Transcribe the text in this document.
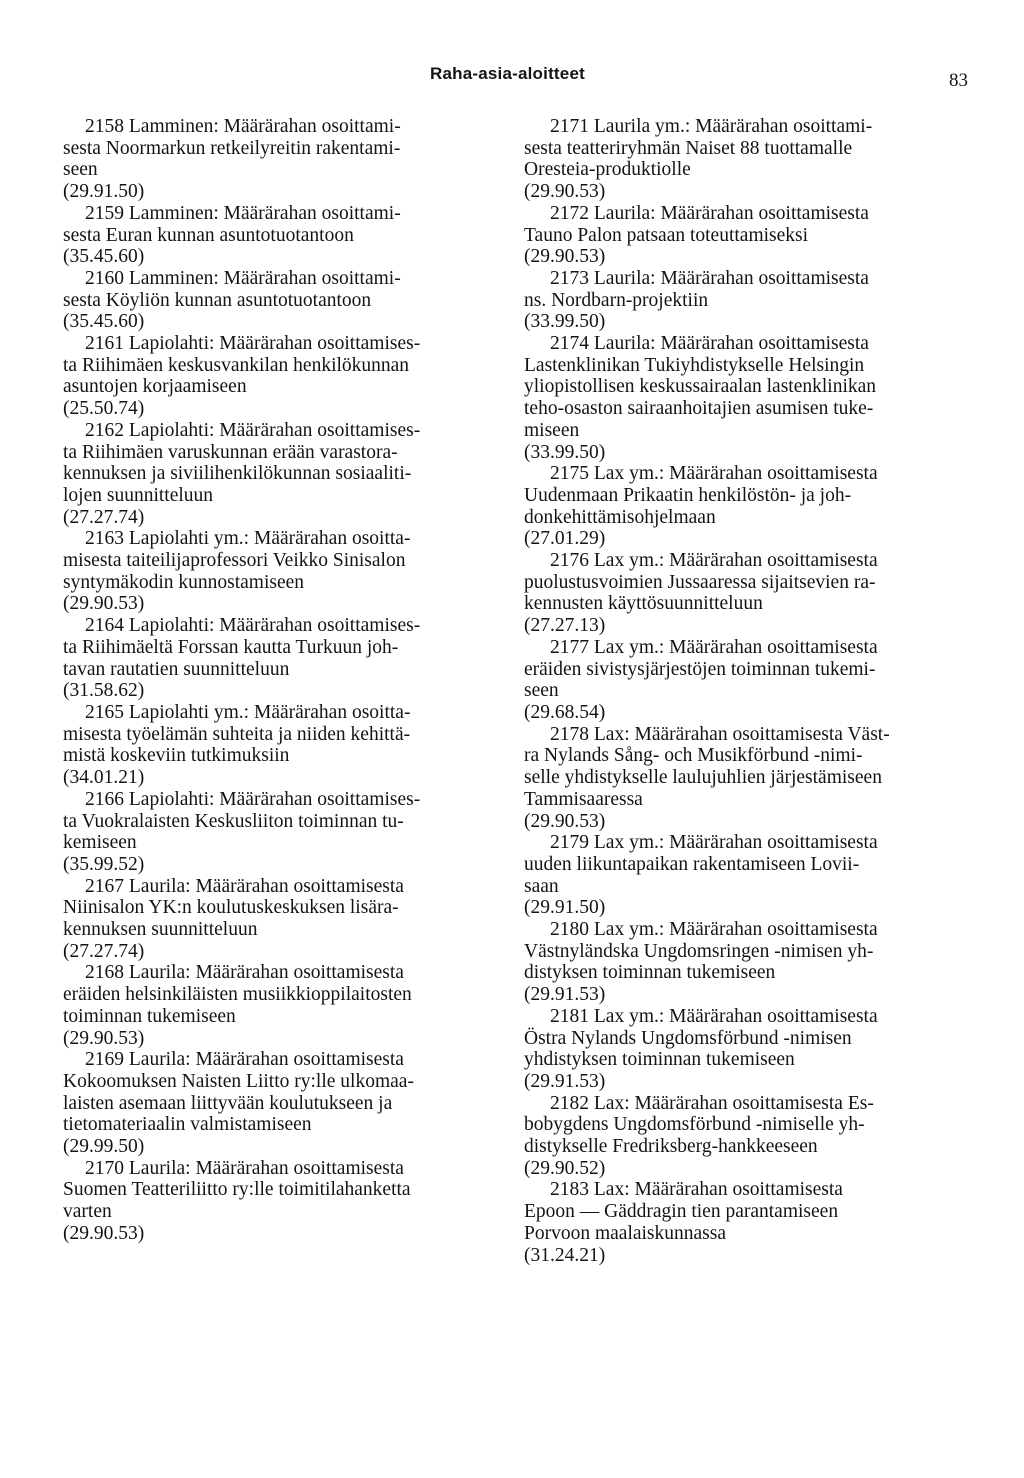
Raha-asia-aloitteet	83
2158 Lamminen: Määrärahan osoittami-
sesta Noormarkun retkeilyreitin rakentami-
seen
(29.91.50)
2159 Lamminen: Määrärahan osoittami-
sesta Euran kunnan asuntotuotantoon
(35.45.60)
2160 Lamminen: Määrärahan osoittami-
sesta Köyliön kunnan asuntotuotantoon
(35.45.60)
2161 Lapiolahti: Määrärahan osoittamises-
ta Riihimäen keskusvankilan henkilökunnan
asuntojen korjaamiseen
(25.50.74)
2162 Lapiolahti: Määrärahan osoittamises-
ta Riihimäen varuskunnan erään varastora-
kennuksen ja siviilihenkilökunnan sosiaaliti-
lojen suunnitteluun
(27.27.74)
2163 Lapiolahti ym.: Määrärahan osoitta-
misesta taiteilijaprofessori Veikko Sinisalon
syntymäkodin kunnostamiseen
(29.90.53)
2164 Lapiolahti: Määrärahan osoittamises-
ta Riihimäeltä Forssan kautta Turkuun joh-
tavan rautatien suunnitteluun
(31.58.62)
2165 Lapiolahti ym.: Määrärahan osoitta-
misesta työelämän suhteita ja niiden kehittä-
mistä koskeviin tutkimuksiin
(34.01.21)
2166 Lapiolahti: Määrärahan osoittamises-
ta Vuokralaisten Keskusliiton toiminnan tu-
kemiseen
(35.99.52)
2167 Laurila: Määrärahan osoittamisesta
Niinisalon YK:n koulutuskeskuksen lisära-
kennuksen suunnitteluun
(27.27.74)
2168 Laurila: Määrärahan osoittamisesta
eräiden helsinkiläisten musiikkioppilaitosten
toiminnan tukemiseen
(29.90.53)
2169 Laurila: Määrärahan osoittamisesta
Kokoomuksen Naisten Liitto ry:lle ulkomaa-
laisten asemaan liittyvään koulutukseen ja
tietomateriaalin valmistamiseen
(29.99.50)
2170 Laurila: Määrärahan osoittamisesta
Suomen Teatteriliitto ry:lle toimitilahanketta
varten
(29.90.53)
2171 Laurila ym.: Määrärahan osoittami-
sesta teatteriryhmän Naiset 88 tuottamalle
Oresteia-produktiolle
(29.90.53)
2172 Laurila: Määrärahan osoittamisesta
Tauno Palon patsaan toteuttamiseksi
(29.90.53)
2173 Laurila: Määrärahan osoittamisesta
ns. Nordbarn-projektiin
(33.99.50)
2174 Laurila: Määrärahan osoittamisesta
Lastenklinikan Tukiyhdistykselle Helsingin
yliopistollisen keskussairaalan lastenklinikan
teho-osaston sairaanhoitajien asumisen tuke-
miseen
(33.99.50)
2175 Lax ym.: Määrärahan osoittamisesta
Uudenmaan Prikaatin henkilöstön- ja joh-
donkehittämisohjelmaan
(27.01.29)
2176 Lax ym.: Määrärahan osoittamisesta
puolustusvoimien Jussaaressa sijaitsevien ra-
kennusten käyttösuunnitteluun
(27.27.13)
2177 Lax ym.: Määrärahan osoittamisesta
eräiden sivistysjärjestöjen toiminnan tukemi-
seen
(29.68.54)
2178 Lax: Määrärahan osoittamisesta Väst-
ra Nylands Sång- och Musikförbund -nimi-
selle yhdistykselle laulujuhlien järjestämiseen
Tammisaaressa
(29.90.53)
2179 Lax ym.: Määrärahan osoittamisesta
uuden liikuntapaikan rakentamiseen Lovii-
saan
(29.91.50)
2180 Lax ym.: Määrärahan osoittamisesta
Västnyländska Ungdomsringen -nimisen yh-
distyksen toiminnan tukemiseen
(29.91.53)
2181 Lax ym.: Määrärahan osoittamisesta
Östra Nylands Ungdomsförbund -nimisen
yhdistyksen toiminnan tukemiseen
(29.91.53)
2182 Lax: Määrärahan osoittamisesta Es-
bobygdens Ungdomsförbund -nimiselle yh-
distykselle Fredriksberg-hankkeeseen
(29.90.52)
2183 Lax: Määrärahan osoittamisesta
Epoon — Gäddragin tien parantamiseen
Porvoon maalaiskunnassa
(31.24.21)
